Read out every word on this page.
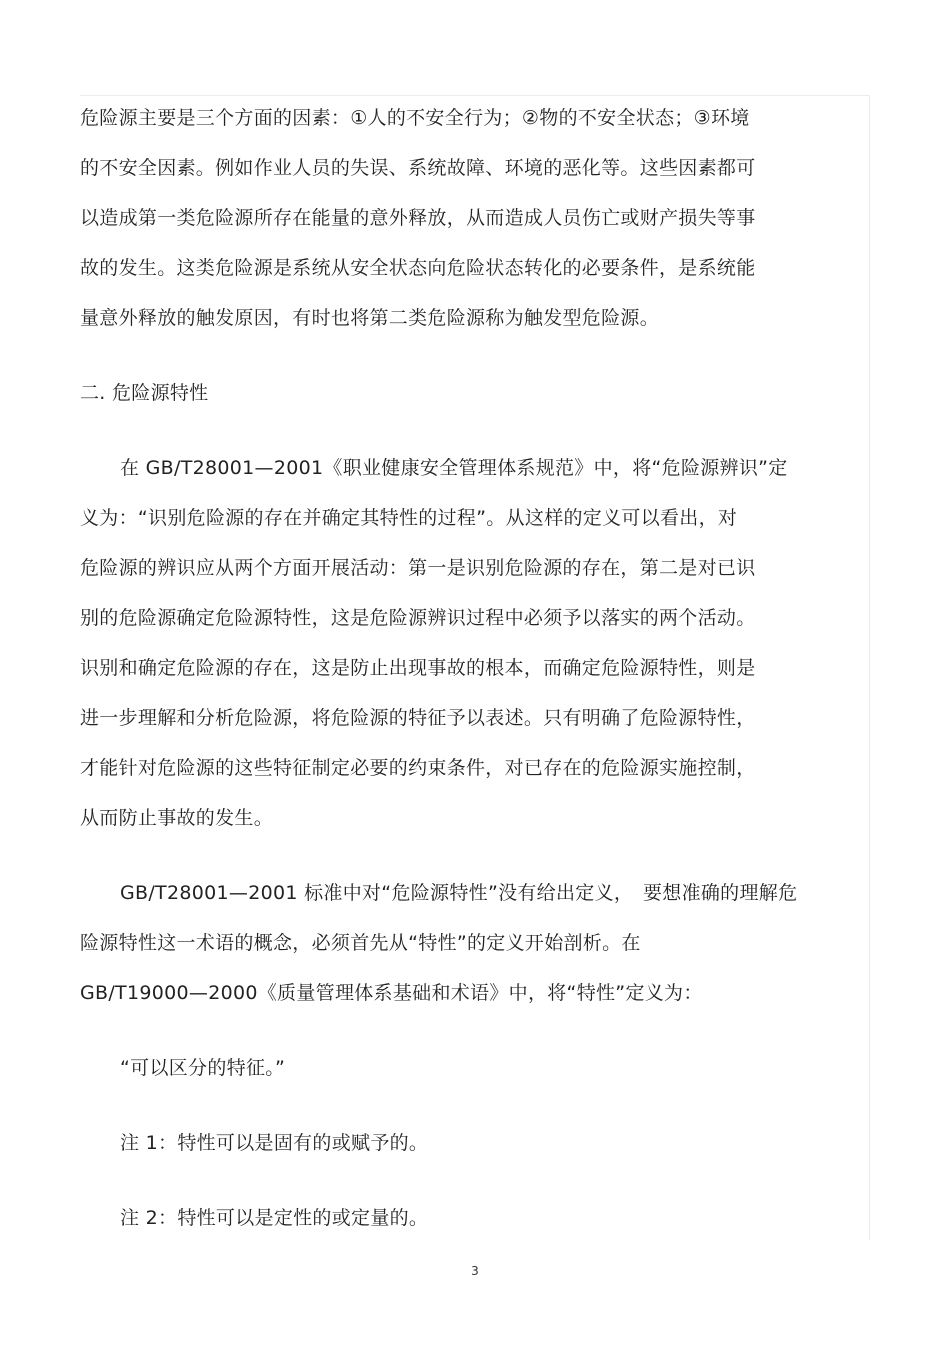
危险源主要是三个方面的因素：①人的不安全行为；②物的不安全状态；③环境
的不安全因素。例如作业人员的失误、系统故障、环境的恶化等。这些因素都可
以造成第一类危险源所存在能量的意外释放，从而造成人员伤亡或财产损失等事
故的发生。这类危险源是系统从安全状态向危险状态转化的必要条件，是系统能
量意外释放的触发原因，有时也将第二类危险源称为触发型危险源。
二. 危险源特性
在 GB/T28001—2001《职业健康安全管理体系规范》中，将“危险源辨识”定
义为：“识别危险源的存在并确定其特性的过程”。从这样的定义可以看出，对
危险源的辨识应从两个方面开展活动：第一是识别危险源的存在，第二是对已识
别的危险源确定危险源特性，这是危险源辨识过程中必须予以落实的两个活动。
识别和确定危险源的存在，这是防止出现事故的根本，而确定危险源特性，则是
进一步理解和分析危险源，将危险源的特征予以表述。只有明确了危险源特性，
才能针对危险源的这些特征制定必要的约束条件，对已存在的危险源实施控制，
从而防止事故的发生。
GB/T28001—2001 标准中对“危险源特性”没有给出定义，　要想准确的理解危
险源特性这一术语的概念，必须首先从“特性”的定义开始剖析。在
GB/T19000—2000《质量管理体系基础和术语》中，将“特性”定义为：
“可以区分的特征。”
注 1：特性可以是固有的或赋予的。
注 2：特性可以是定性的或定量的。
3
